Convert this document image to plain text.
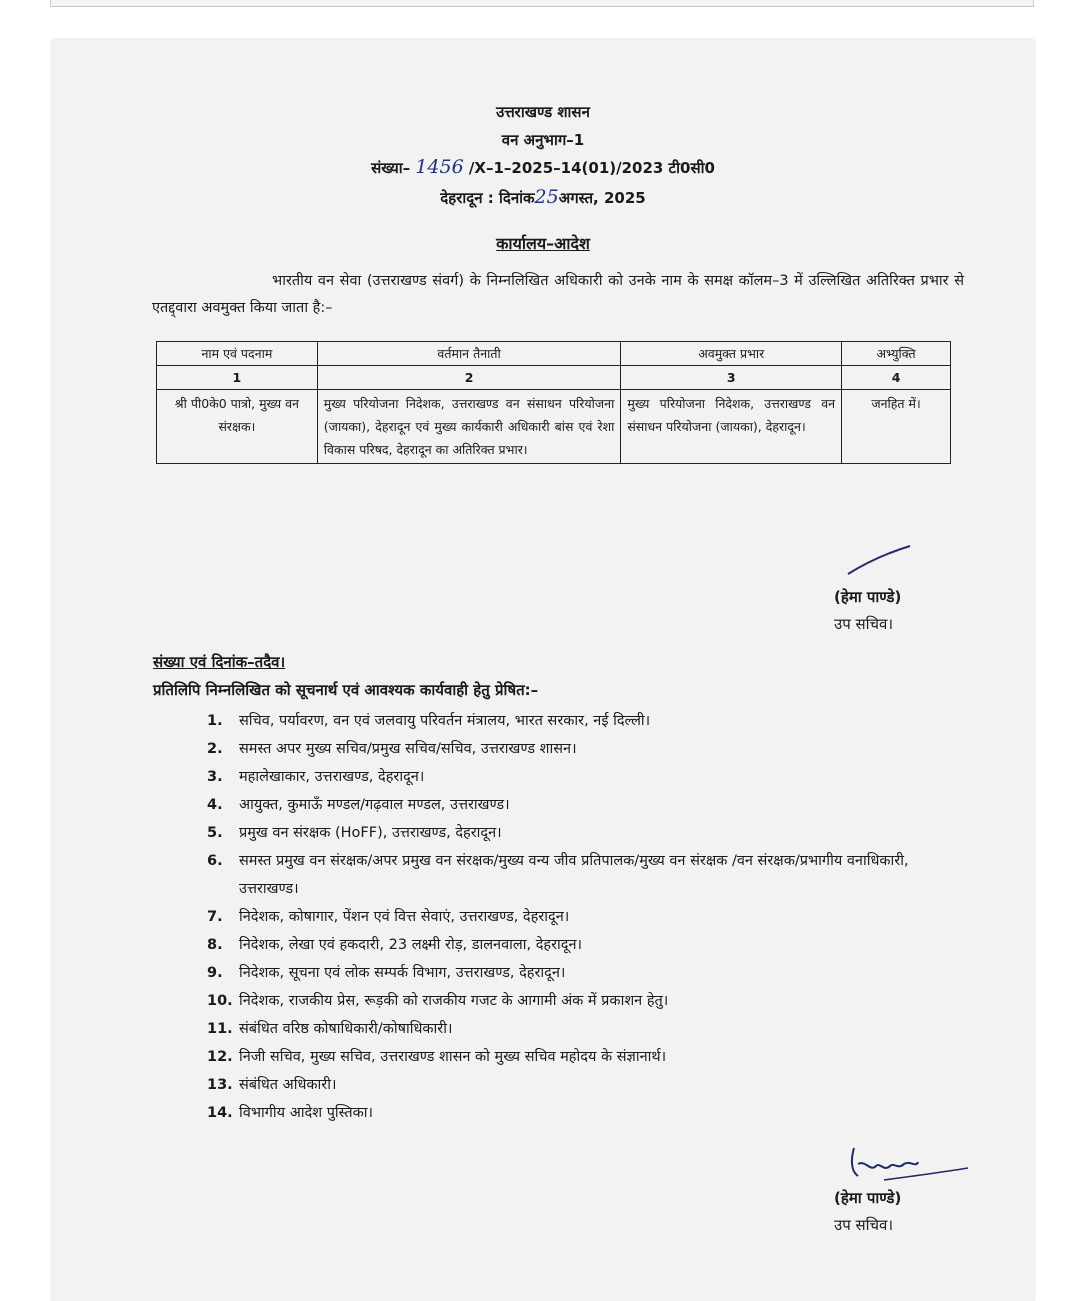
उत्तराखण्ड शासन
वन अनुभाग–1
संख्या– 1456 /X–1–2025–14(01)/2023 टी0सी0
देहरादून : दिनांक25अगस्त, 2025
कार्यालय–आदेश
भारतीय वन सेवा (उत्तराखण्ड संवर्ग) के निम्नलिखित अधिकारी को उनके नाम के समक्ष कॉलम–3 में उल्लिखित अतिरिक्त प्रभार से एतद्द्वारा अवमुक्त किया जाता है:–
नाम एवं पदनाम	वर्तमान तैनाती	अवमुक्त प्रभार	अभ्युक्ति
1	2	3	4
श्री पी0के0 पात्रो, मुख्य वन संरक्षक।	मुख्य परियोजना निदेशक, उत्तराखण्ड वन संसाधन परियोजना (जायका), देहरादून एवं मुख्य कार्यकारी अधिकारी बांस एवं रेशा विकास परिषद, देहरादून का अतिरिक्त प्रभार।	मुख्य परियोजना निदेशक, उत्तराखण्ड वन संसाधन परियोजना (जायका), देहरादून।	जनहित में।
(हेमा पाण्डे)
उप सचिव।
संख्या एवं दिनांक–तदैव।
प्रतिलिपि निम्नलिखित को सूचनार्थ एवं आवश्यक कार्यवाही हेतु प्रेषित:–
1.	सचिव, पर्यावरण, वन एवं जलवायु परिवर्तन मंत्रालय, भारत सरकार, नई दिल्ली।
2.	समस्त अपर मुख्य सचिव/प्रमुख सचिव/सचिव, उत्तराखण्ड शासन।
3.	महालेखाकार, उत्तराखण्ड, देहरादून।
4.	आयुक्त, कुमाऊँ मण्डल/गढ़वाल मण्डल, उत्तराखण्ड।
5.	प्रमुख वन संरक्षक (HoFF), उत्तराखण्ड, देहरादून।
6.	समस्त प्रमुख वन संरक्षक/अपर प्रमुख वन संरक्षक/मुख्य वन्य जीव प्रतिपालक/मुख्य वन संरक्षक /वन संरक्षक/प्रभागीय वनाधिकारी, उत्तराखण्ड।
7.	निदेशक, कोषागार, पेंशन एवं वित्त सेवाएं, उत्तराखण्ड, देहरादून।
8.	निदेशक, लेखा एवं हकदारी, 23 लक्ष्मी रोड़, डालनवाला, देहरादून।
9.	निदेशक, सूचना एवं लोक सम्पर्क विभाग, उत्तराखण्ड, देहरादून।
10. निदेशक, राजकीय प्रेस, रूड़की को राजकीय गजट के आगामी अंक में प्रकाशन हेतु।
11. संबंधित वरिष्ठ कोषाधिकारी/कोषाधिकारी।
12. निजी सचिव, मुख्य सचिव, उत्तराखण्ड शासन को मुख्य सचिव महोदय के संज्ञानार्थ।
13. संबंधित अधिकारी।
14. विभागीय आदेश पुस्तिका।
(हेमा पाण्डे)
उप सचिव।
